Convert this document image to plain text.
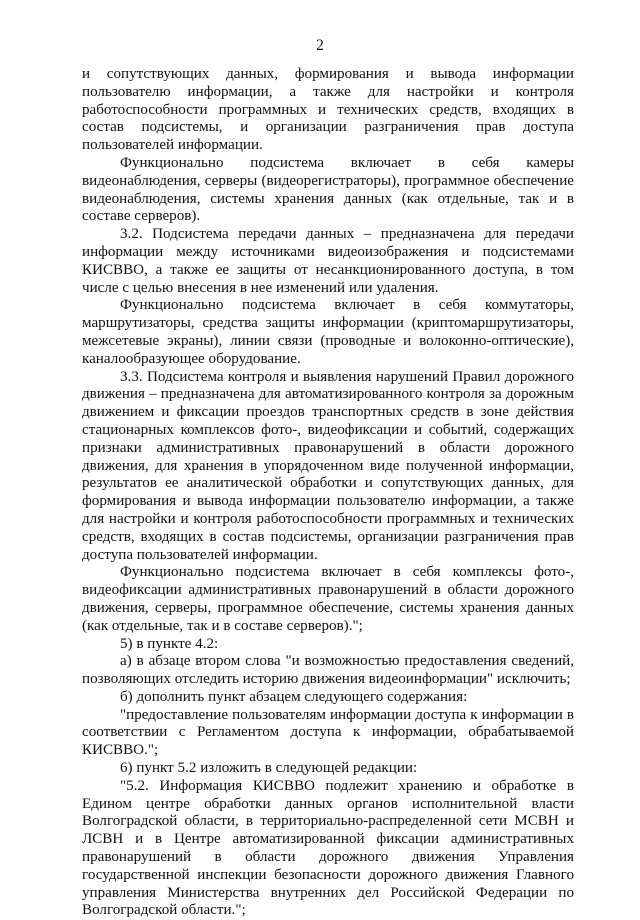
2

и сопутствующих данных, формирования и вывода информации пользователю информации, а также для настройки и контроля работоспособности программных и технических средств, входящих в состав подсистемы, и организации разграничения прав доступа пользователей информации.

Функционально подсистема включает в себя камеры видеонаблюдения, серверы (видеорегистраторы), программное обеспечение видеонаблюдения, системы хранения данных (как отдельные, так и в составе серверов).

3.2. Подсистема передачи данных – предназначена для передачи информации между источниками видеоизображения и подсистемами КИСВВО, а также ее защиты от несанкционированного доступа, в том числе с целью внесения в нее изменений или удаления.

Функционально подсистема включает в себя коммутаторы, маршрутизаторы, средства защиты информации (криптомаршрутизаторы, межсетевые экраны), линии связи (проводные и волоконно-оптические), каналообразующее оборудование.

3.3. Подсистема контроля и выявления нарушений Правил дорожного движения – предназначена для автоматизированного контроля за дорожным движением и фиксации проездов транспортных средств в зоне действия стационарных комплексов фото-, видеофиксации и событий, содержащих признаки административных правонарушений в области дорожного движения, для хранения в упорядоченном виде полученной информации, результатов ее аналитической обработки и сопутствующих данных, для формирования и вывода информации пользователю информации, а также для настройки и контроля работоспособности программных и технических средств, входящих в состав подсистемы, организации разграничения прав доступа пользователей информации.

Функционально подсистема включает в себя комплексы фото-, видеофиксации административных правонарушений в области дорожного движения, серверы, программное обеспечение, системы хранения данных (как отдельные, так и в составе серверов).";

5) в пункте 4.2:

а) в абзаце втором слова "и возможностью предоставления сведений, позволяющих отследить историю движения видеоинформации" исключить;

б) дополнить пункт абзацем следующего содержания:

"предоставление пользователям информации доступа к информации в соответствии с Регламентом доступа к информации, обрабатываемой КИСВВО.";

6) пункт 5.2 изложить в следующей редакции:

"5.2. Информация КИСВВО подлежит хранению и обработке в Едином центре обработки данных органов исполнительной власти Волгоградской области, в территориально-распределенной сети МСВН и ЛСВН и в Центре автоматизированной фиксации административных правонарушений в области дорожного движения Управления государственной инспекции безопасности дорожного движения Главного управления Министерства внутренних дел Российской Федерации по Волгоградской области.";
